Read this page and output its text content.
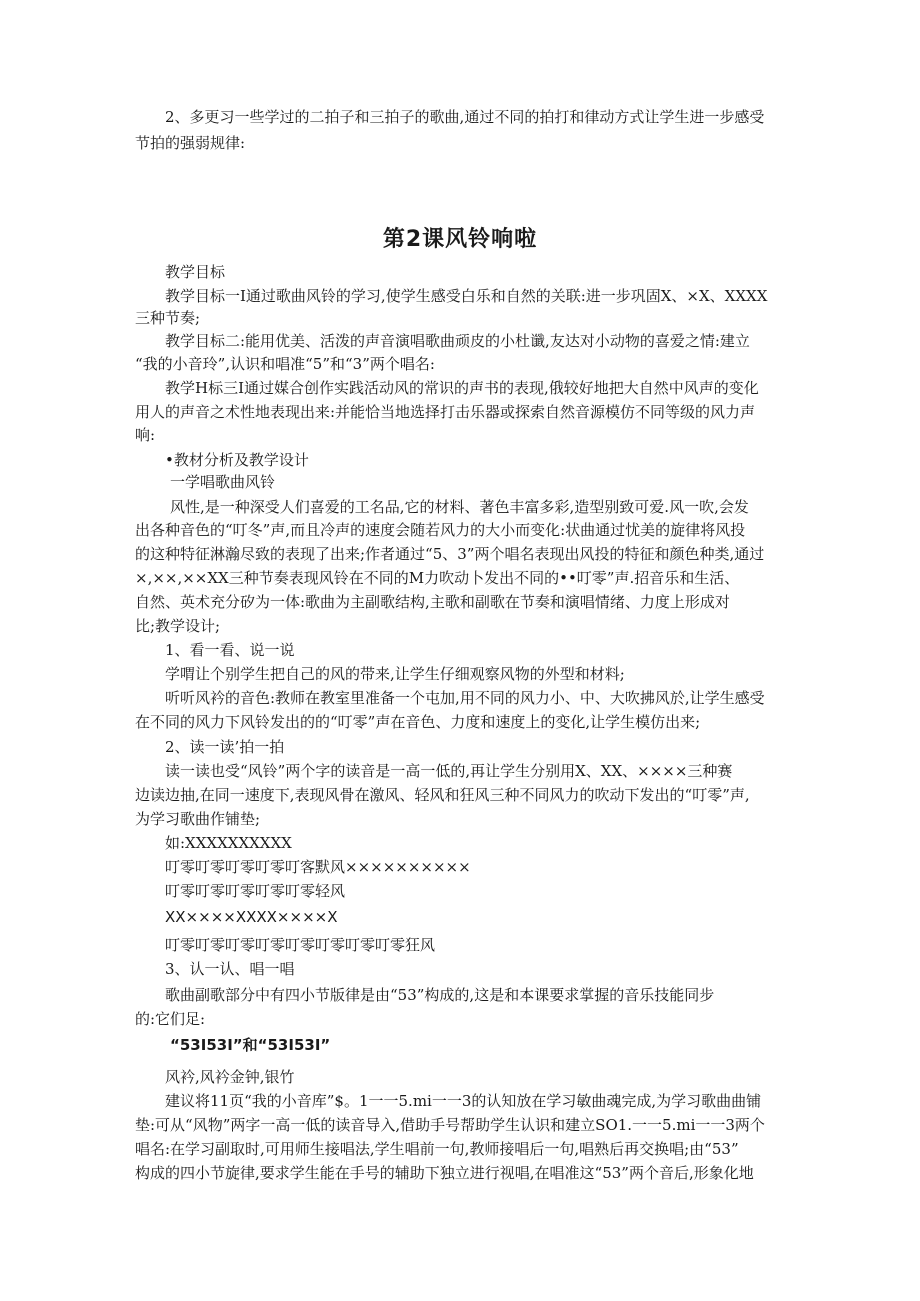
2、多更习一些学过的二拍子和三拍子的歌曲,通过不同的拍打和律动方式让学生进一步感受
节拍的强弱规律:
第2课风铃响啦
教学目标
教学目标一I通过歌曲风铃的学习,使学生感受白乐和自然的关联:进一步巩固X、×X、XXXX
三种节奏;
教学目标二:能用优美、活泼的声音演唱歌曲顽皮的小杜谶,友达对小动物的喜爱之情:建立
“我的小音玲”,认识和唱准“5”和“3”两个唱名:
教学H标三I通过媒合创作实践活动风的常识的声书的表现,俄较好地把大自然中风声的变化
用人的声音之术性地表现出来:并能恰当地选择打击乐器或探索自然音源模仿不同等级的风力声
响:
•教材分析及教学设计
一学唱歌曲风铃
风性,是一种深受人们喜爱的工名品,它的材料、著色丰富多彩,造型别致可爱.风一吹,会发
出各种音色的“叮冬”声,而且冷声的速度会随若风力的大小而变化:状曲通过忧美的旋律将风投
的这种特征淋瀚尽致的表现了出来;作者通过“5、3”两个唱名表现出风投的特征和颜色种类,通过
×,××,××XX三种节奏表现风铃在不同的M力吹动卜发出不同的••叮零”声.招音乐和生活、
自然、英术充分矽为一体:歌曲为主副歌结构,主歌和副歌在节奏和演唱情绪、力度上形成对
比;教学设计;
1、看一看、说一说
学喟让个别学生把自己的风的带来,让学生仔细观察风物的外型和材料;
听听风衿的音色:教师在教室里准备一个屯加,用不同的风力小、中、大吹拂风於,让学生感受
在不同的风力下风铃发出的的“叮零”声在音色、力度和速度上的变化,让学生模仿出来;
2、读一读’拍一拍
读一读也受“风铃”两个字的读音是一高一低的,再让学生分别用X、XX、××××三种赛
边读边抽,在同一速度下,表现风骨在激风、轻风和狂风三种不同风力的吹动下发出的“叮零”声,
为学习歌曲作铺垫;
如:XXXXXXXXXX
叮零叮零叮零叮零叮客默风××××××××××
叮零叮零叮零叮零叮零轻风
XX××××XXXX××××X
叮零叮零叮零叮零叮零叮零叮零叮零狂风
3、认一认、唱一唱
歌曲副歌部分中有四小节版律是由“53”构成的,这是和本课要求掌握的音乐技能同步
的:它们足:
“53I53I”和“53I53I”
风衿,风衿金钟,银竹
建议将11页“我的小音库”$。1一一5.mi一一3的认知放在学习敏曲魂完成,为学习歌曲曲铺
垫:可从“风物”两字一高一低的读音导入,借助手号帮助学生认识和建立SO1.一一5.mi一一3两个
唱名:在学习副取时,可用师生接唱法,学生唱前一句,教师接唱后一句,唱熟后再交换唱;由“53”
构成的四小节旋律,要求学生能在手号的辅助下独立进行视唱,在唱准这“53”两个音后,形象化地
